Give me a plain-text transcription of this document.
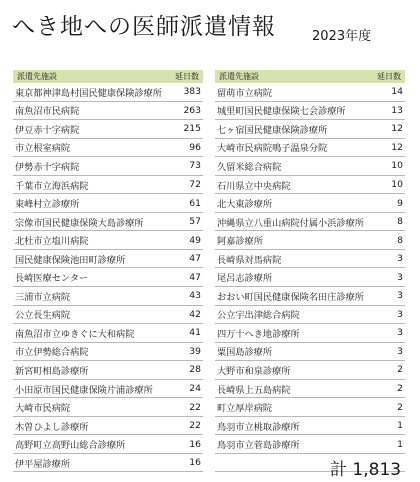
へき地への医師派遣情報	2023年度
派遣先施設	延日数
東京都神津島村国民健康保険診療所	383
南魚沼市民病院	263
伊豆赤十字病院	215
市立根室病院	96
伊勢赤十字病院	73
千葉市立海浜病院	72
東峰村立診療所	61
宗像市国民健康保険大島診療所	57
北杜市立塩川病院	49
国民健康保険池田町診療所	47
長崎医療センター	47
三浦市立病院	43
公立長生病院	42
南魚沼市立ゆきぐに大和病院	41
市立伊勢総合病院	39
新宮町相島診療所	28
小田原市国民健康保険片浦診療所	24
大崎市民病院	22
木曽ひよし診療所	22
高野町立高野山総合診療所	16
伊平屋診療所	16
派遣先施設	延日数
留萌市立病院	14
城里町国民健康保険七会診療所	13
七ヶ宿国民健康保険診療所	12
大崎市民病院鳴子温泉分院	12
久留米総合病院	10
石川県立中央病院	10
北大東診療所	9
沖縄県立八重山病院付属小浜診療所	8
阿嘉診療所	8
長崎県対馬病院	3
尾呂志診療所	3
おおい町国民健康保険名田庄診療所	3
公立宇出津総合病院	3
四万十へき地診療所	3
粟国島診療所	3
大野市和泉診療所	2
長崎県上五島病院	2
町立厚岸病院	2
鳥羽市立桃取診療所	1
鳥羽市立菅島診療所	1
計 1,813
